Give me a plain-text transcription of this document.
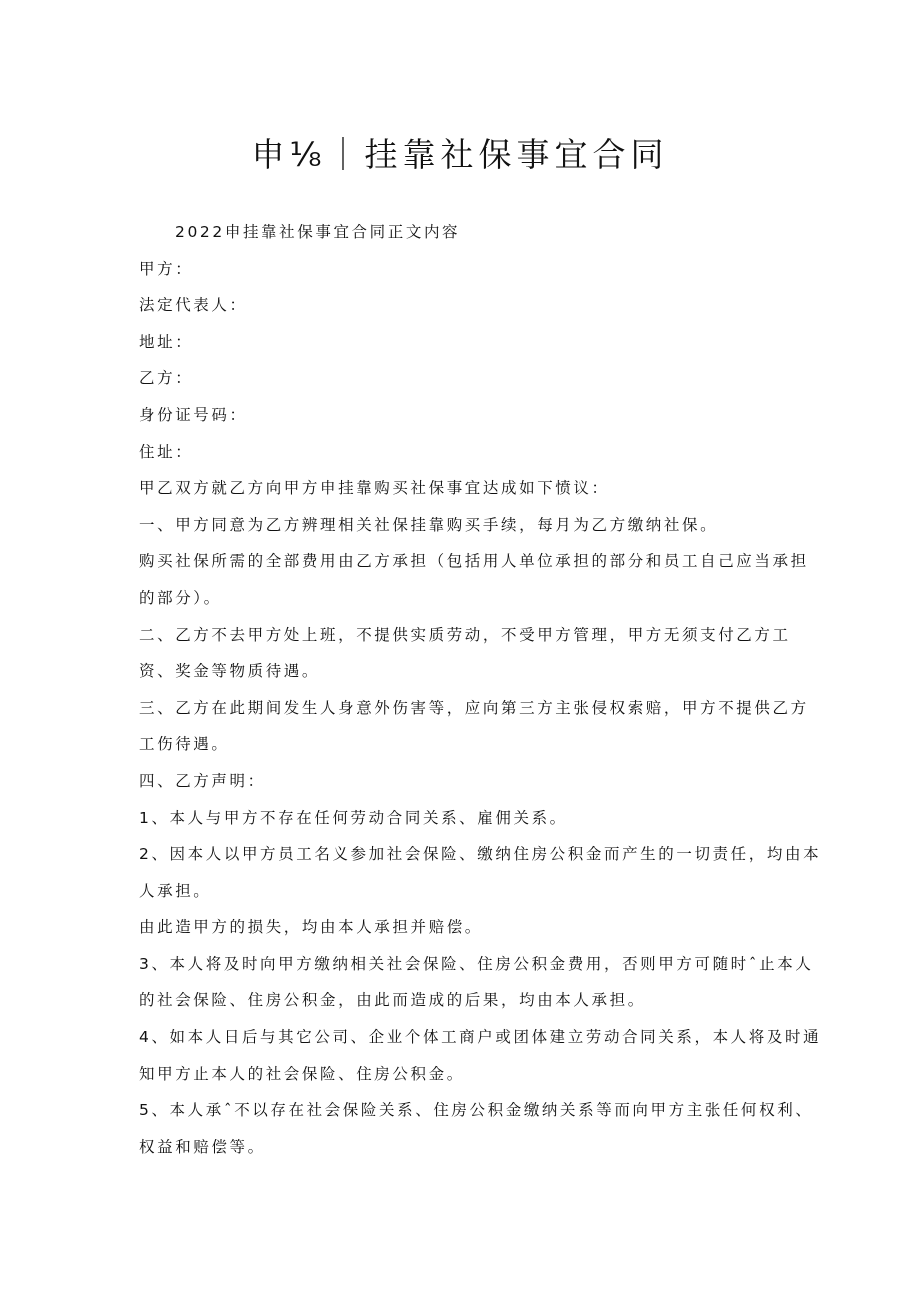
申⅛｜挂靠社保事宜合同

2022申挂靠社保事宜合同正文内容

甲方：

法定代表人：

地址：

乙方：

身份证号码：

住址：

甲乙双方就乙方向甲方申挂靠购买社保事宜达成如下愤议：

一、甲方同意为乙方辨理相关社保挂靠购买手续，每月为乙方缴纳社保。

购买社保所需的全部费用由乙方承担（包括用人单位承担的部分和员工自己应当承担

的部分）。

二、乙方不去甲方处上班，不提供实质劳动，不受甲方管理，甲方无须支付乙方工

资、奖金等物质待遇。

三、乙方在此期间发生人身意外伤害等，应向第三方主张侵权索赔，甲方不提供乙方

工伤待遇。

四、乙方声明：

1、本人与甲方不存在任何劳动合同关系、雇佣关系。

2、因本人以甲方员工名义参加社会保险、缴纳住房公积金而产生的一切责任，均由本

人承担。

由此造甲方的损失，均由本人承担并赔偿。

3、本人将及时向甲方缴纳相关社会保险、住房公积金费用，否则甲方可随时ˆ止本人

的社会保险、住房公积金，由此而造成的后果，均由本人承担。

4、如本人日后与其它公司、企业个体工商户或团体建立劳动合同关系，本人将及时通

知甲方止本人的社会保险、住房公积金。

5、本人承ˆ不以存在社会保险关系、住房公积金缴纳关系等而向甲方主张任何权利、

权益和赔偿等。
